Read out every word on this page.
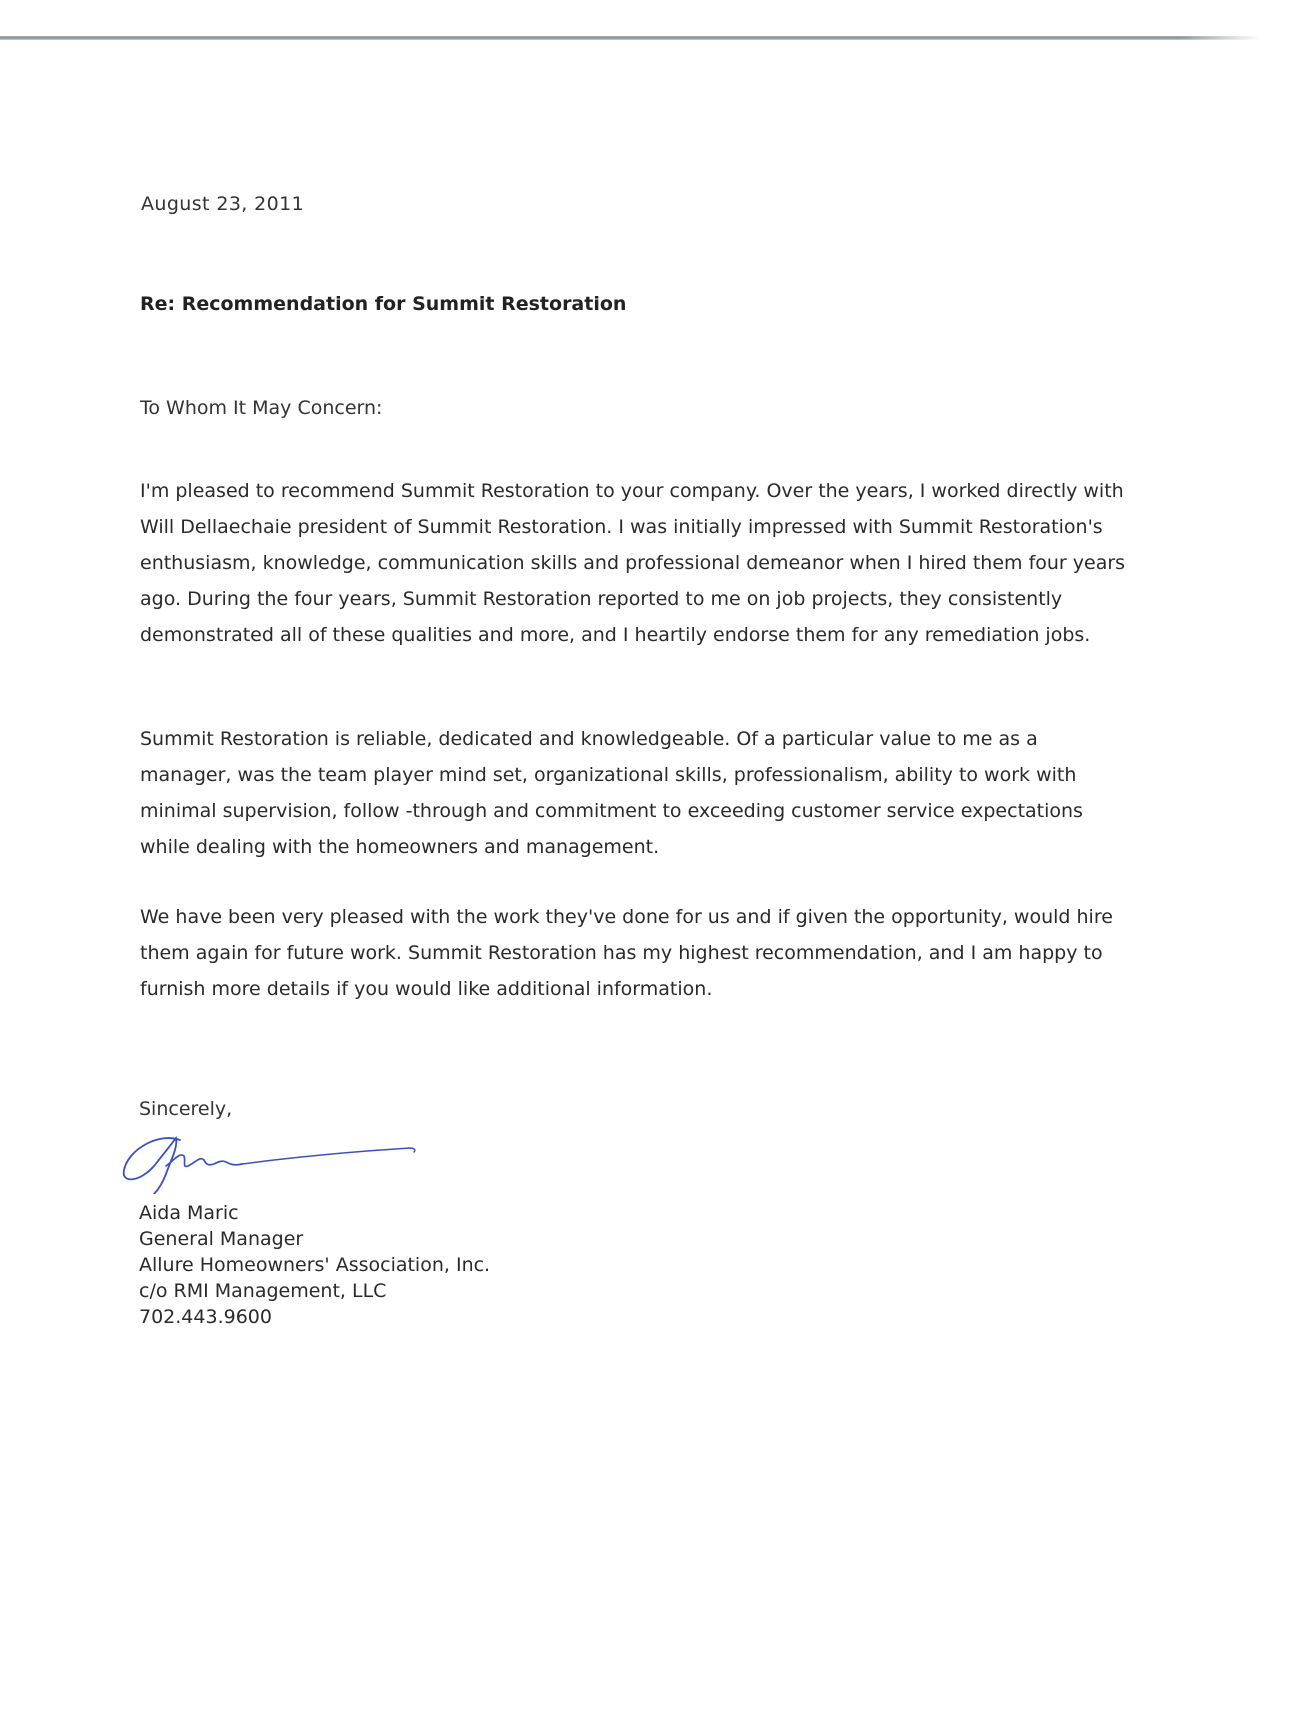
August 23, 2011
Re: Recommendation for Summit Restoration
To Whom It May Concern:

I'm pleased to recommend Summit Restoration to your company. Over the years, I worked directly with Will Dellaechaie president of Summit Restoration. I was initially impressed with Summit Restoration's enthusiasm, knowledge, communication skills and professional demeanor when I hired them four years ago. During the four years, Summit Restoration reported to me on job projects, they consistently demonstrated all of these qualities and more, and I heartily endorse them for any remediation jobs.

Summit Restoration is reliable, dedicated and knowledgeable. Of a particular value to me as a manager, was the team player mind set, organizational skills, professionalism, ability to work with minimal supervision, follow -through and commitment to exceeding customer service expectations while dealing with the homeowners and management.

We have been very pleased with the work they've done for us and if given the opportunity, would hire them again for future work. Summit Restoration has my highest recommendation, and I am happy to furnish more details if you would like additional information.

Sincerely,
Aida Maric
General Manager
Allure Homeowners' Association, Inc.
c/o RMI Management, LLC
702.443.9600
